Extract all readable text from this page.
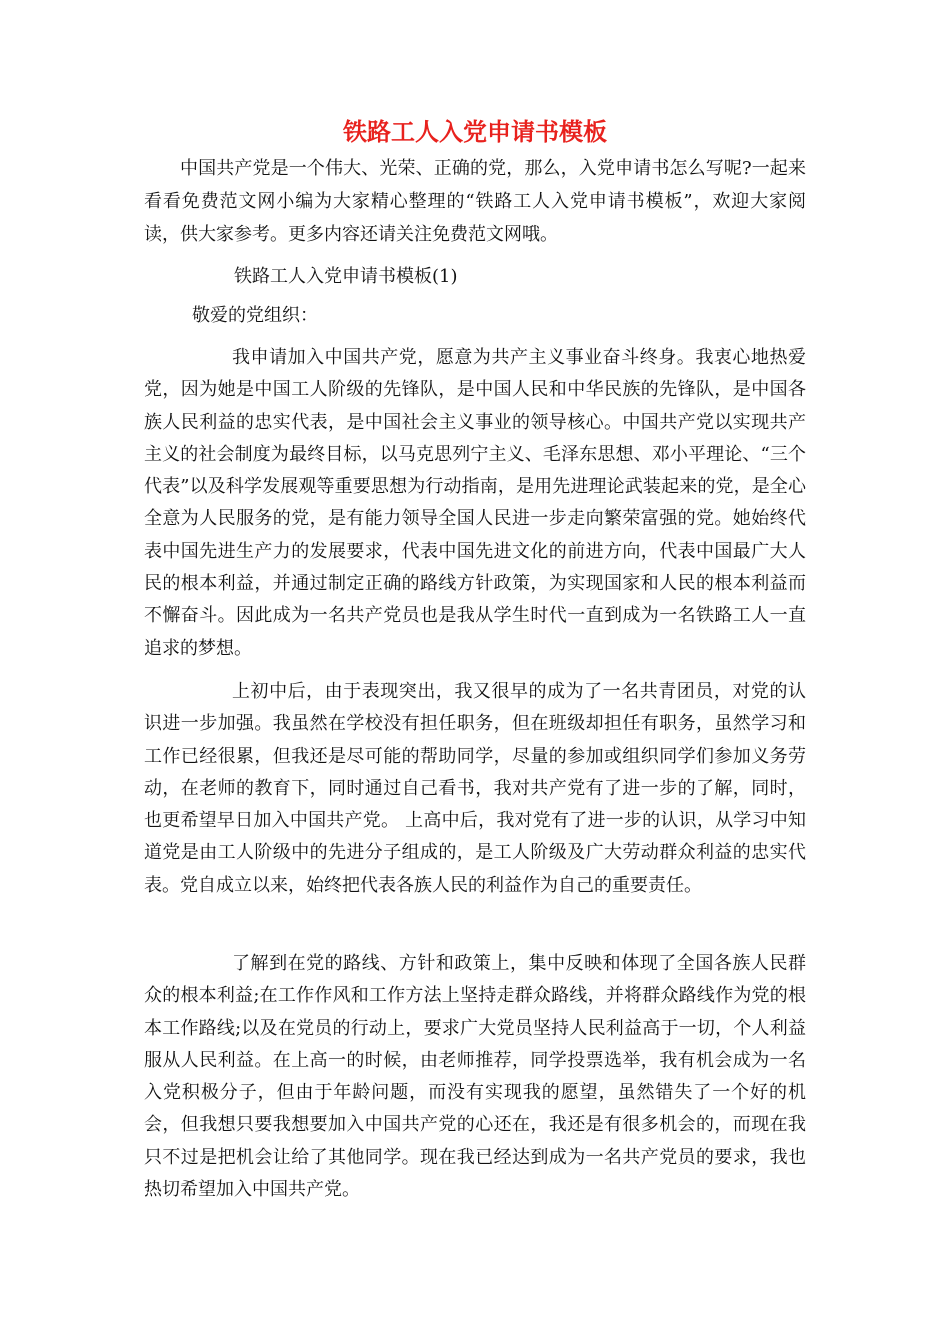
铁路工人入党申请书模板
中国共产党是一个伟大、光荣、正确的党，那么，入党申请书怎么写呢?一起来看看免费范文网小编为大家精心整理的“铁路工人入党申请书模板”，欢迎大家阅读，供大家参考。更多内容还请关注免费范文网哦。
铁路工人入党申请书模板(1)
敬爱的党组织：
我申请加入中国共产党，愿意为共产主义事业奋斗终身。我衷心地热爱党，因为她是中国工人阶级的先锋队，是中国人民和中华民族的先锋队，是中国各族人民利益的忠实代表，是中国社会主义事业的领导核心。中国共产党以实现共产主义的社会制度为最终目标，以马克思列宁主义、毛泽东思想、邓小平理论、“三个代表”以及科学发展观等重要思想为行动指南，是用先进理论武装起来的党，是全心全意为人民服务的党，是有能力领导全国人民进一步走向繁荣富强的党。她始终代表中国先进生产力的发展要求，代表中国先进文化的前进方向，代表中国最广大人民的根本利益，并通过制定正确的路线方针政策，为实现国家和人民的根本利益而不懈奋斗。因此成为一名共产党员也是我从学生时代一直到成为一名铁路工人一直追求的梦想。
上初中后，由于表现突出，我又很早的成为了一名共青团员，对党的认识进一步加强。我虽然在学校没有担任职务，但在班级却担任有职务，虽然学习和工作已经很累，但我还是尽可能的帮助同学，尽量的参加或组织同学们参加义务劳动，在老师的教育下，同时通过自己看书，我对共产党有了进一步的了解，同时，也更希望早日加入中国共产党。 上高中后，我对党有了进一步的认识，从学习中知道党是由工人阶级中的先进分子组成的，是工人阶级及广大劳动群众利益的忠实代表。党自成立以来，始终把代表各族人民的利益作为自己的重要责任。
了解到在党的路线、方针和政策上，集中反映和体现了全国各族人民群众的根本利益;在工作作风和工作方法上坚持走群众路线，并将群众路线作为党的根本工作路线;以及在党员的行动上，要求广大党员坚持人民利益高于一切，个人利益服从人民利益。在上高一的时候，由老师推荐，同学投票选举，我有机会成为一名入党积极分子，但由于年龄问题，而没有实现我的愿望，虽然错失了一个好的机会，但我想只要我想要加入中国共产党的心还在，我还是有很多机会的，而现在我只不过是把机会让给了其他同学。现在我已经达到成为一名共产党员的要求，我也热切希望加入中国共产党。
